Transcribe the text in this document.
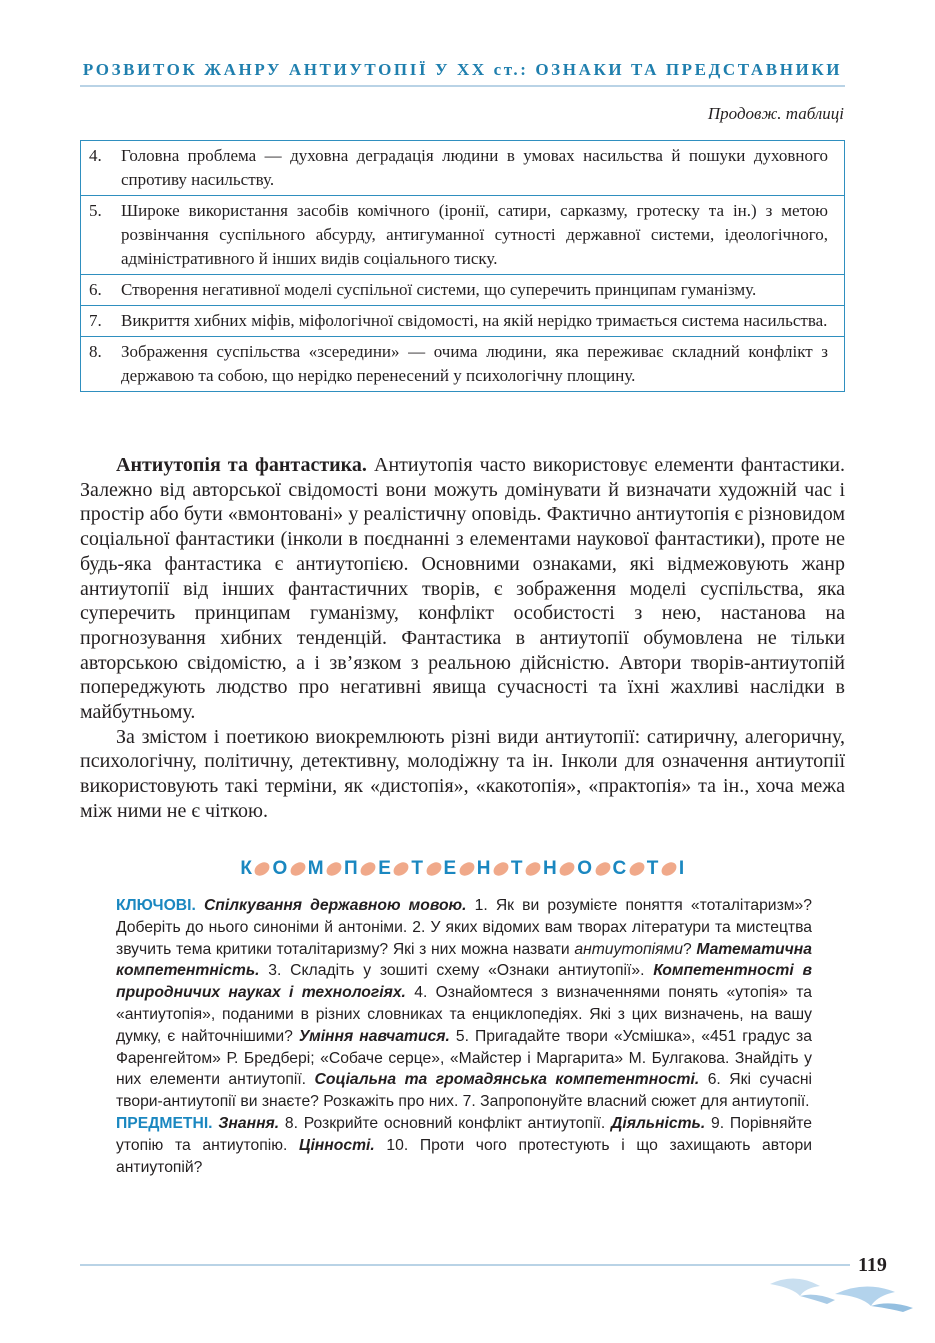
РОЗВИТОК ЖАНРУ АНТИУТОПІЇ У XX ст.: ОЗНАКИ ТА ПРЕДСТАВНИКИ
Продовж. таблиці
4.	Головна проблема — духовна деградація людини в умовах насильства й пошуки духовного спротиву насильству.
5.	Широке використання засобів комічного (іронії, сатири, сарказму, гротеску та ін.) з метою розвінчання суспільного абсурду, антигуманної сутності державної системи, ідеологічного, адміністративного й інших видів соціального тиску.
6.	Створення негативної моделі суспільної системи, що суперечить принципам гуманізму.
7.	Викриття хибних міфів, міфологічної свідомості, на якій нерідко тримається система насильства.
8.	Зображення суспільства «зсередини» — очима людини, яка переживає складний конфлікт з державою та собою, що нерідко перенесений у психологічну площину.

Антиутопія та фантастика. Антиутопія часто використовує елементи фантастики. Залежно від авторської свідомості вони можуть домінувати й визначати художній час і простір або бути «вмонтовані» у реалістичну оповідь. Фактично антиутопія є різновидом соціальної фантастики (інколи в поєднанні з елементами наукової фантастики), проте не будь-яка фантастика є антиутопією. Основними ознаками, які відмежовують жанр антиутопії від інших фантастичних творів, є зображення моделі суспільства, яка суперечить принципам гуманізму, конфлікт особистості з нею, настанова на прогнозування хибних тенденцій. Фантастика в антиутопії обумовлена не тільки авторською свідомістю, а і зв’язком з реальною дійсністю. Автори творів-антиутопій попереджують людство про негативні явища сучасності та їхні жахливі наслідки в майбутньому.

За змістом і поетикою виокремлюють різні види антиутопії: сатиричну, алегоричну, психологічну, політичну, детективну, молодіжну та ін. Інколи для означення антиутопії використовують такі терміни, як «дистопія», «какотопія», «практопія» та ін., хоча межа між ними не є чіткою.

К О М П Е Т Е Н Т Н О С Т І

КЛЮЧОВІ. Спілкування державною мовою. 1. Як ви розумієте поняття «тоталітаризм»? Доберіть до нього синоніми й антоніми. 2. У яких відомих вам творах літератури та мистецтва звучить тема критики тоталітаризму? Які з них можна назвати антиутопіями? Математична компетентність. 3. Складіть у зошиті схему «Ознаки антиутопії». Компетентності в природничих науках і технологіях. 4. Ознайомтеся з визначеннями понять «утопія» та «антиутопія», поданими в різних словниках та енциклопедіях. Які з цих визначень, на вашу думку, є найточнішими? Уміння навчатися. 5. Пригадайте твори «Усмішка», «451 градус за Фаренгейтом» Р. Бредбері; «Собаче серце», «Майстер і Маргарита» М. Булгакова. Знайдіть у них елементи антиутопії. Соціальна та громадянська компетентності. 6. Які сучасні твори-антиутопії ви знаєте? Розкажіть про них. 7. Запропонуйте власний сюжет для антиутопії.

ПРЕДМЕТНІ. Знання. 8. Розкрийте основний конфлікт антиутопії. Діяльність. 9. Порівняйте утопію та антиутопію. Цінності. 10. Проти чого протестують і що захищають автори антиутопій?

119
